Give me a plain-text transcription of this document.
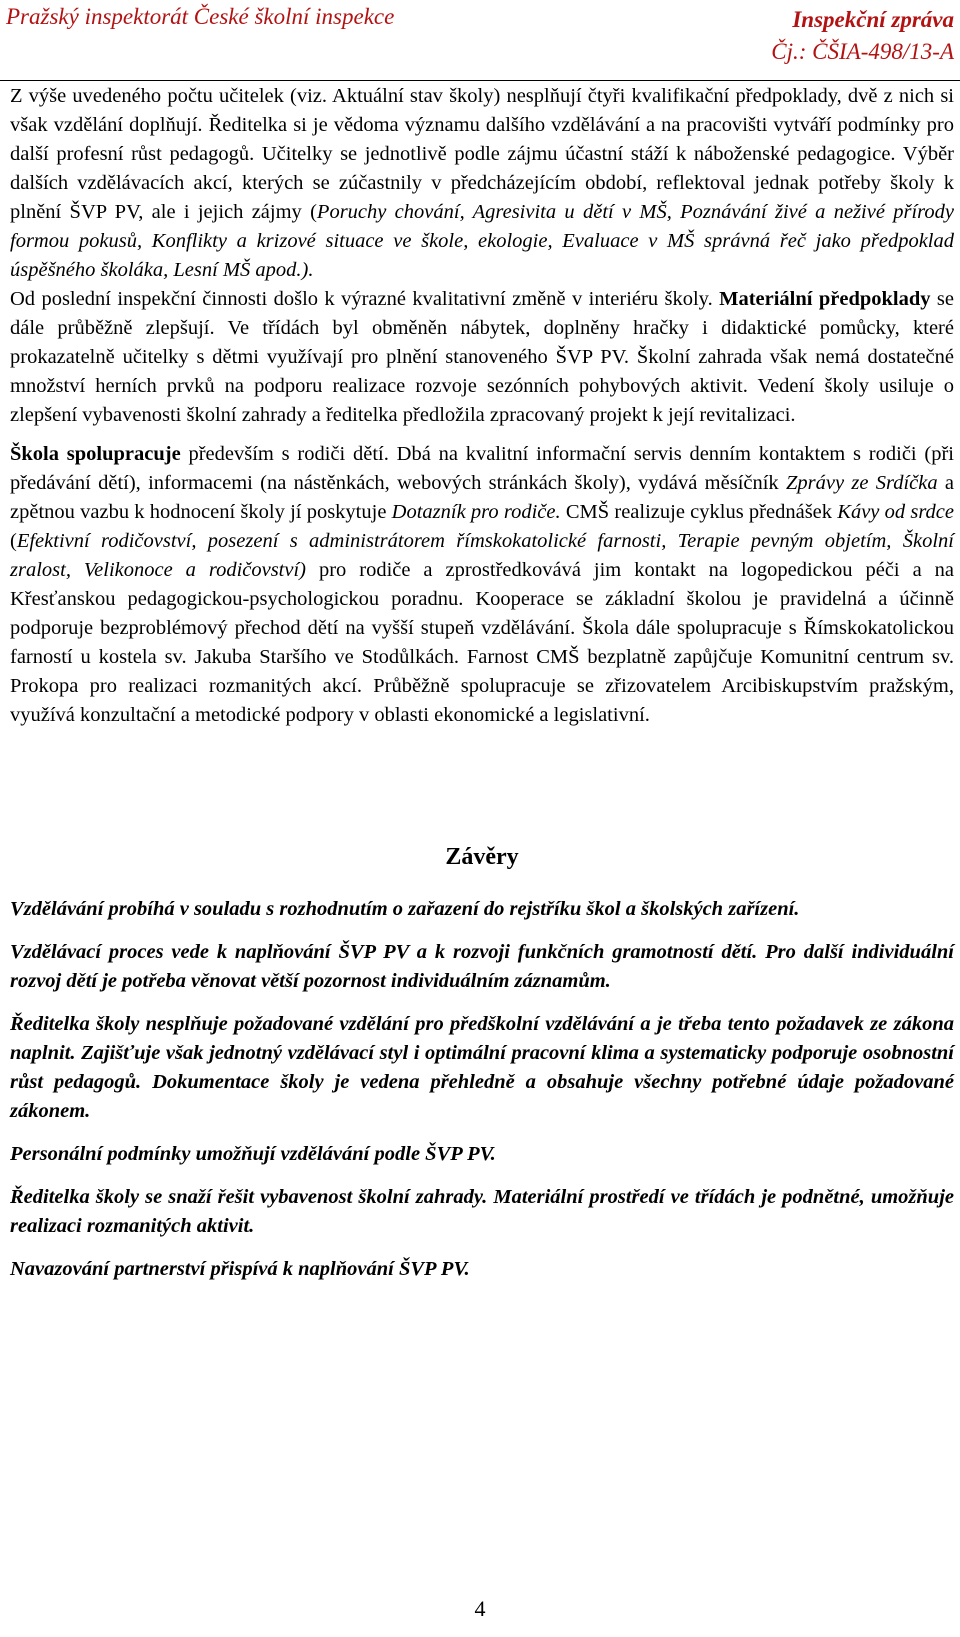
Pražský inspektorát České školní inspekce	Inspekční zpráva
Čj.: ČŠIA-498/13-A

Z výše uvedeného počtu učitelek (viz. Aktuální stav školy) nesplňují čtyři kvalifikační předpoklady, dvě z nich si však vzdělání doplňují. Ředitelka si je vědoma významu dalšího vzdělávání a na pracovišti vytváří podmínky pro další profesní růst pedagogů. Učitelky se jednotlivě podle zájmu účastní stáží k náboženské pedagogice. Výběr dalších vzdělávacích akcí, kterých se zúčastnily v předcházejícím období, reflektoval jednak potřeby školy k plnění ŠVP PV, ale i jejich zájmy (Poruchy chování, Agresivita u dětí v MŠ, Poznávání živé a neživé přírody formou pokusů, Konflikty a krizové situace ve škole, ekologie, Evaluace v MŠ správná řeč jako předpoklad úspěšného školáka, Lesní MŠ apod.).

Od poslední inspekční činnosti došlo k výrazné kvalitativní změně v interiéru školy. Materiální předpoklady se dále průběžně zlepšují. Ve třídách byl obměněn nábytek, doplněny hračky i didaktické pomůcky, které prokazatelně učitelky s dětmi využívají pro plnění stanoveného ŠVP PV. Školní zahrada však nemá dostatečné množství herních prvků na podporu realizace rozvoje sezónních pohybových aktivit. Vedení školy usiluje o zlepšení vybavenosti školní zahrady a ředitelka předložila zpracovaný projekt k její revitalizaci.

Škola spolupracuje především s rodiči dětí. Dbá na kvalitní informační servis denním kontaktem s rodiči (při předávání dětí), informacemi (na nástěnkách, webových stránkách školy), vydává měsíčník Zprávy ze Srdíčka a zpětnou vazbu k hodnocení školy jí poskytuje Dotazník pro rodiče. CMŠ realizuje cyklus přednášek Kávy od srdce (Efektivní rodičovství, posezení s administrátorem římskokatolické farnosti, Terapie pevným objetím, Školní zralost, Velikonoce a rodičovství) pro rodiče a zprostředkovává jim kontakt na logopedickou péči a na Křesťanskou pedagogickou-psychologickou poradnu. Kooperace se základní školou je pravidelná a účinně podporuje bezproblémový přechod dětí na vyšší stupeň vzdělávání. Škola dále spolupracuje s Římskokatolickou farností u kostela sv. Jakuba Staršího ve Stodůlkách. Farnost CMŠ bezplatně zapůjčuje Komunitní centrum sv. Prokopa pro realizaci rozmanitých akcí. Průběžně spolupracuje se zřizovatelem Arcibiskupstvím pražským, využívá konzultační a metodické podpory v oblasti ekonomické a legislativní.

Závěry

Vzdělávání probíhá v souladu s rozhodnutím o zařazení do rejstříku škol a školských zařízení.

Vzdělávací proces vede k naplňování ŠVP PV a k rozvoji funkčních gramotností dětí. Pro další individuální rozvoj dětí je potřeba věnovat větší pozornost individuálním záznamům.

Ředitelka školy nesplňuje požadované vzdělání pro předškolní vzdělávání a je třeba tento požadavek ze zákona naplnit. Zajišťuje však jednotný vzdělávací styl i optimální pracovní klima a systematicky podporuje osobnostní růst pedagogů. Dokumentace školy je vedena přehledně a obsahuje všechny potřebné údaje požadované zákonem.

Personální podmínky umožňují vzdělávání podle ŠVP PV.

Ředitelka školy se snaží řešit vybavenost školní zahrady. Materiální prostředí ve třídách je podnětné, umožňuje realizaci rozmanitých aktivit.

Navazování partnerství přispívá k naplňování ŠVP PV.

4
